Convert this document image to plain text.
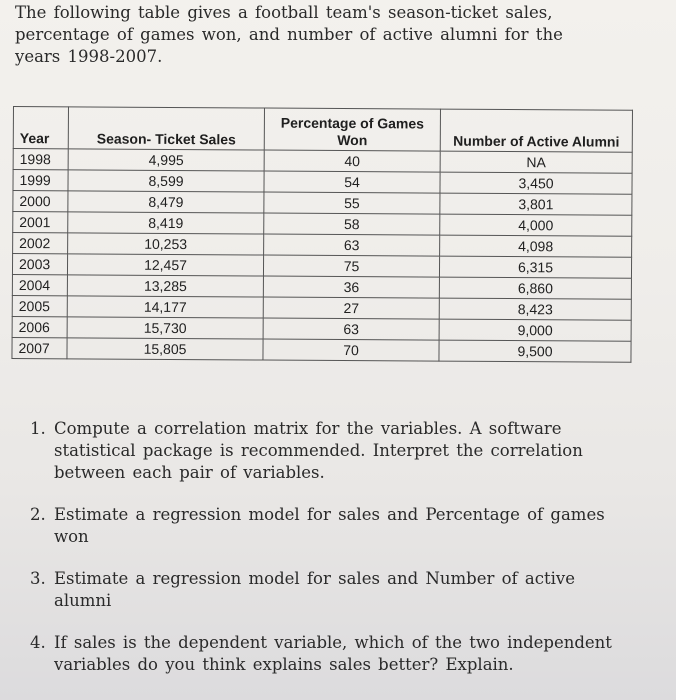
The following table gives a football team's season-ticket sales, percentage of games won, and number of active alumni for the years 1998-2007.

Year	Season- Ticket Sales	Percentage of Games Won	Number of Active Alumni
1998	4,995	40	NA
1999	8,599	54	3,450
2000	8,479	55	3,801
2001	8,419	58	4,000
2002	10,253	63	4,098
2003	12,457	75	6,315
2004	13,285	36	6,860
2005	14,177	27	8,423
2006	15,730	63	9,000
2007	15,805	70	9,500
1. Compute a correlation matrix for the variables. A software statistical package is recommended. Interpret the correlation between each pair of variables.
2. Estimate a regression model for sales and Percentage of games won
3. Estimate a regression model for sales and Number of active alumni
4. If sales is the dependent variable, which of the two independent variables do you think explains sales better? Explain.
